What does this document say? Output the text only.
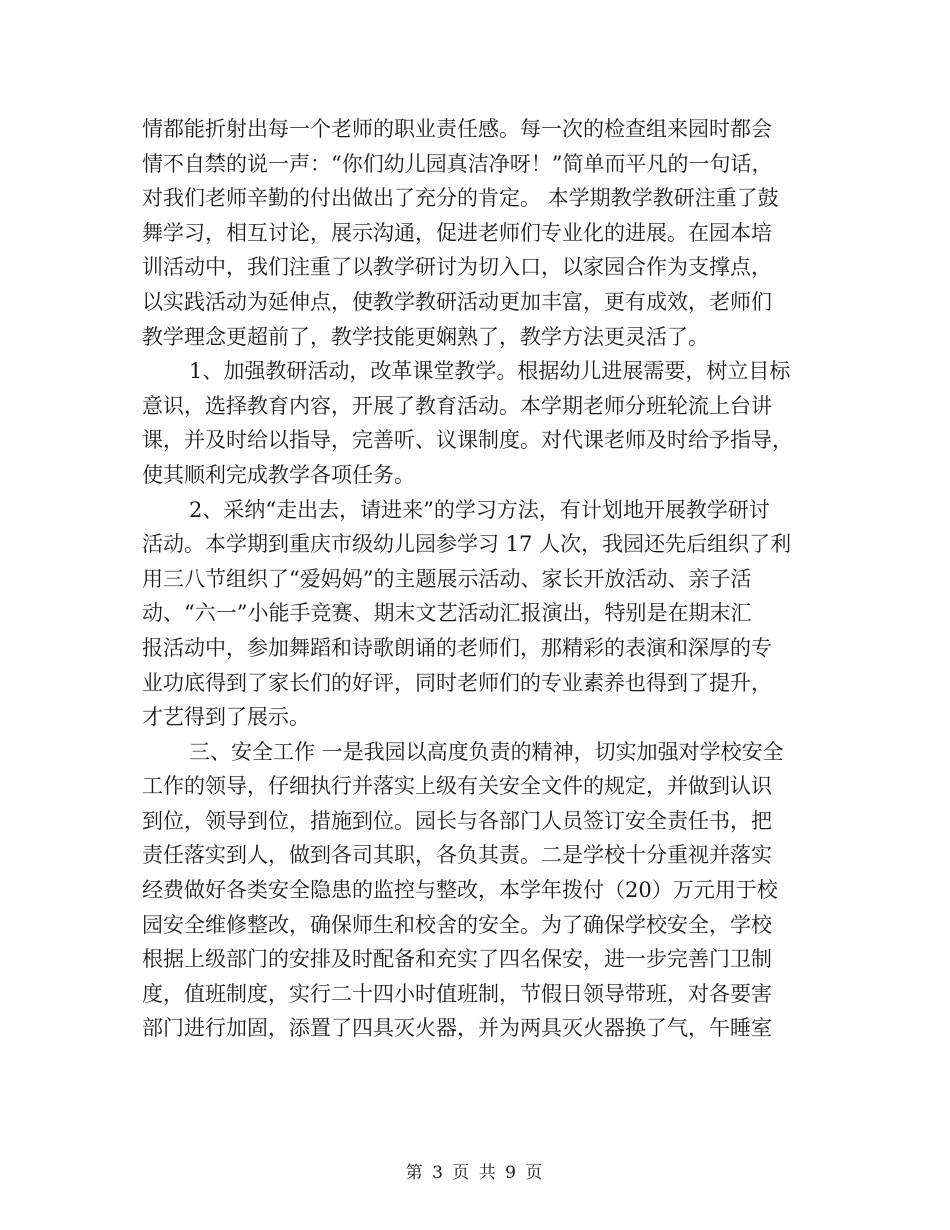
情都能折射出每一个老师的职业责任感。每一次的检查组来园时都会
情不自禁的说一声：“你们幼儿园真洁净呀！”简单而平凡的一句话，
对我们老师辛勤的付出做出了充分的肯定。 本学期教学教研注重了鼓
舞学习，相互讨论，展示沟通，促进老师们专业化的进展。在园本培
训活动中，我们注重了以教学研讨为切入口，以家园合作为支撑点，
以实践活动为延伸点，使教学教研活动更加丰富，更有成效，老师们
教学理念更超前了，教学技能更娴熟了，教学方法更灵活了。
1、加强教研活动，改革课堂教学。根据幼儿进展需要，树立目标
意识，选择教育内容，开展了教育活动。本学期老师分班轮流上台讲
课，并及时给以指导，完善听、议课制度。对代课老师及时给予指导，
使其顺利完成教学各项任务。
2、采纳“走出去，请进来”的学习方法，有计划地开展教学研讨
活动。本学期到重庆市级幼儿园参学习 17 人次，我园还先后组织了利
用三八节组织了“爱妈妈”的主题展示活动、家长开放活动、亲子活
动、“六一”小能手竞赛、期末文艺活动汇报演出，特别是在期末汇
报活动中，参加舞蹈和诗歌朗诵的老师们，那精彩的表演和深厚的专
业功底得到了家长们的好评，同时老师们的专业素养也得到了提升，
才艺得到了展示。
三、安全工作 一是我园以高度负责的精神，切实加强对学校安全
工作的领导，仔细执行并落实上级有关安全文件的规定，并做到认识
到位，领导到位，措施到位。园长与各部门人员签订安全责任书，把
责任落实到人，做到各司其职，各负其责。二是学校十分重视并落实
经费做好各类安全隐患的监控与整改，本学年拨付（20）万元用于校
园安全维修整改，确保师生和校舍的安全。为了确保学校安全，学校
根据上级部门的安排及时配备和充实了四名保安，进一步完善门卫制
度，值班制度，实行二十四小时值班制，节假日领导带班，对各要害
部门进行加固，添置了四具灭火器，并为两具灭火器换了气，午睡室
第 3 页 共 9 页
